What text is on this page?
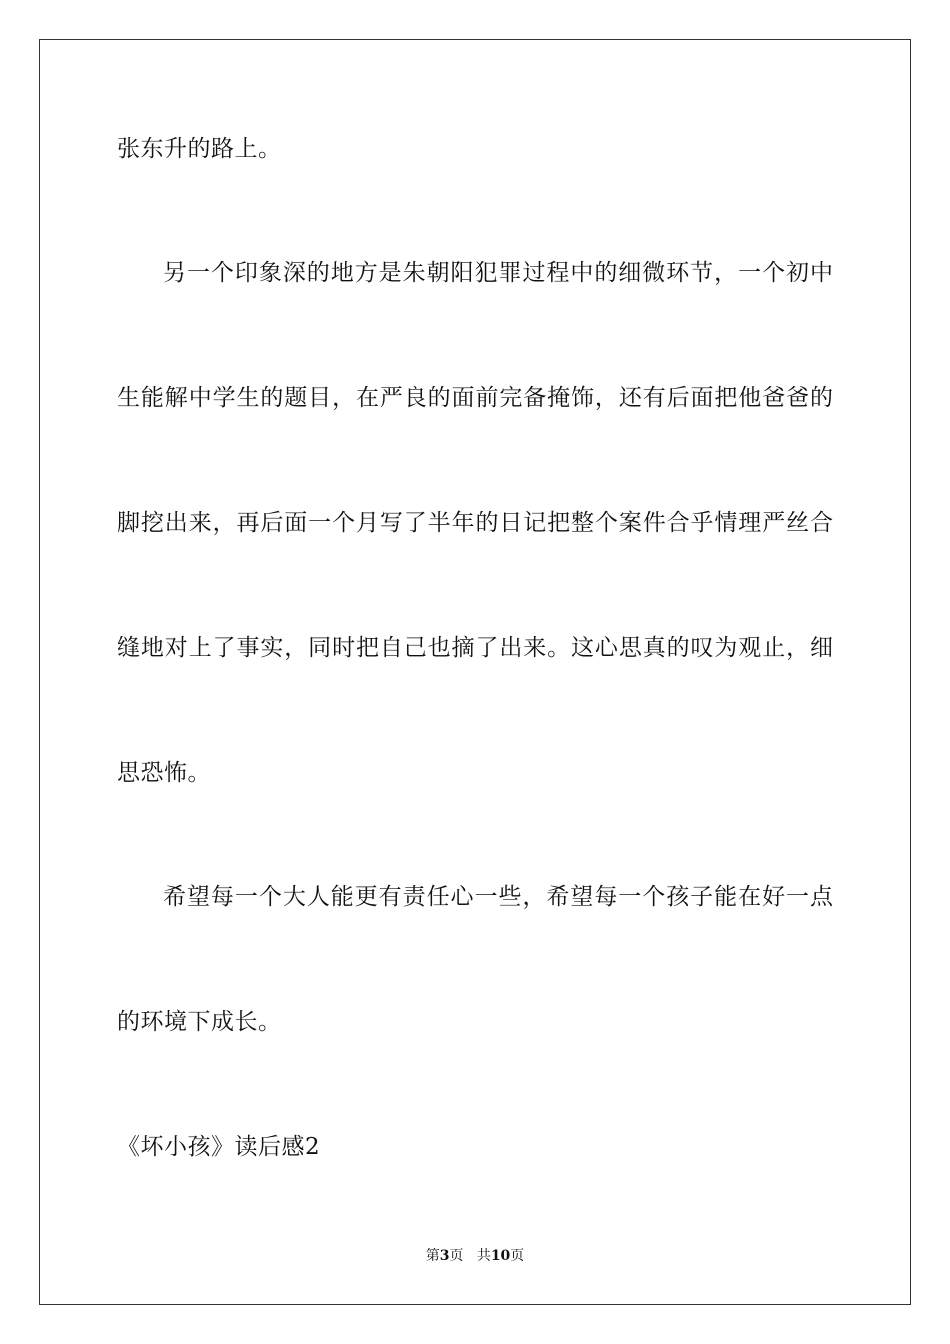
张东升的路上。
另一个印象深的地方是朱朝阳犯罪过程中的细微环节，一个初中
生能解中学生的题目，在严良的面前完备掩饰，还有后面把他爸爸的
脚挖出来，再后面一个月写了半年的日记把整个案件合乎情理严丝合
缝地对上了事实，同时把自己也摘了出来。这心思真的叹为观止，细
思恐怖。
希望每一个大人能更有责任心一些，希望每一个孩子能在好一点
的环境下成长。
《坏小孩》读后感2
第3页 共10页
